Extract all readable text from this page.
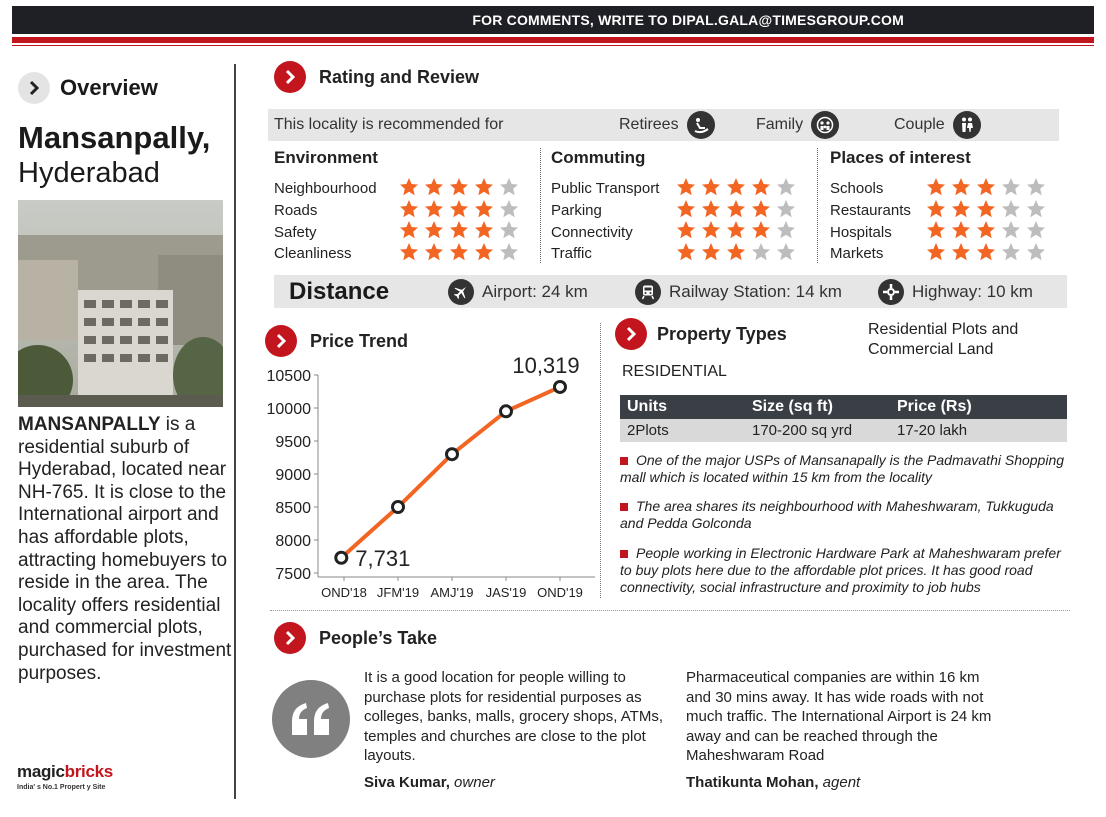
FOR COMMENTS, WRITE TO DIPAL.GALA@TIMESGROUP.COM
Overview
Mansanpally,
Hyderabad
MANSANPALLY is a residential suburb of Hyderabad, located near NH-765. It is close to the International airport and has affordable plots, attracting homebuyers to reside in the area. The locality offers residential and commercial plots, purchased for investment purposes.
magicbricks
India' s No.1 Propert y Site
Rating and Review
This locality is recommended for	Retirees	Family	Couple
Environment
Neighbourhood
Roads
Safety
Cleanliness
Commuting
Public Transport
Parking
Connectivity
Traffic
Places of interest
Schools
Restaurants
Hospitals
Markets
Distance	Airport: 24 km	Railway Station: 14 km	Highway: 10 km
Price Trend
10500
10000
9500
9000
8500
8000
7500
OND'18 JFM'19 AMJ'19 JAS'19 OND'19
7,731
10,319
Property Types	Residential Plots and Commercial Land
RESIDENTIAL
Units	Size (sq ft)	Price (Rs)
2Plots	170-200 sq yrd	17-20 lakh
One of the major USPs of Mansanapally is the Padmavathi Shopping mall which is located within 15 km from the locality
The area shares its neighbourhood with Maheshwaram, Tukkuguda and Pedda Golconda
People working in Electronic Hardware Park at Maheshwaram prefer to buy plots here due to the affordable plot prices. It has good road connectivity, social infrastructure and proximity to job hubs
People’s Take
It is a good location for people willing to purchase plots for residential purposes as colleges, banks, malls, grocery shops, ATMs, temples and churches are close to the plot layouts.
Siva Kumar, owner
Pharmaceutical companies are within 16 km and 30 mins away. It has wide roads with not much traffic. The International Airport is 24 km away and can be reached through the Maheshwaram Road
Thatikunta Mohan, agent
